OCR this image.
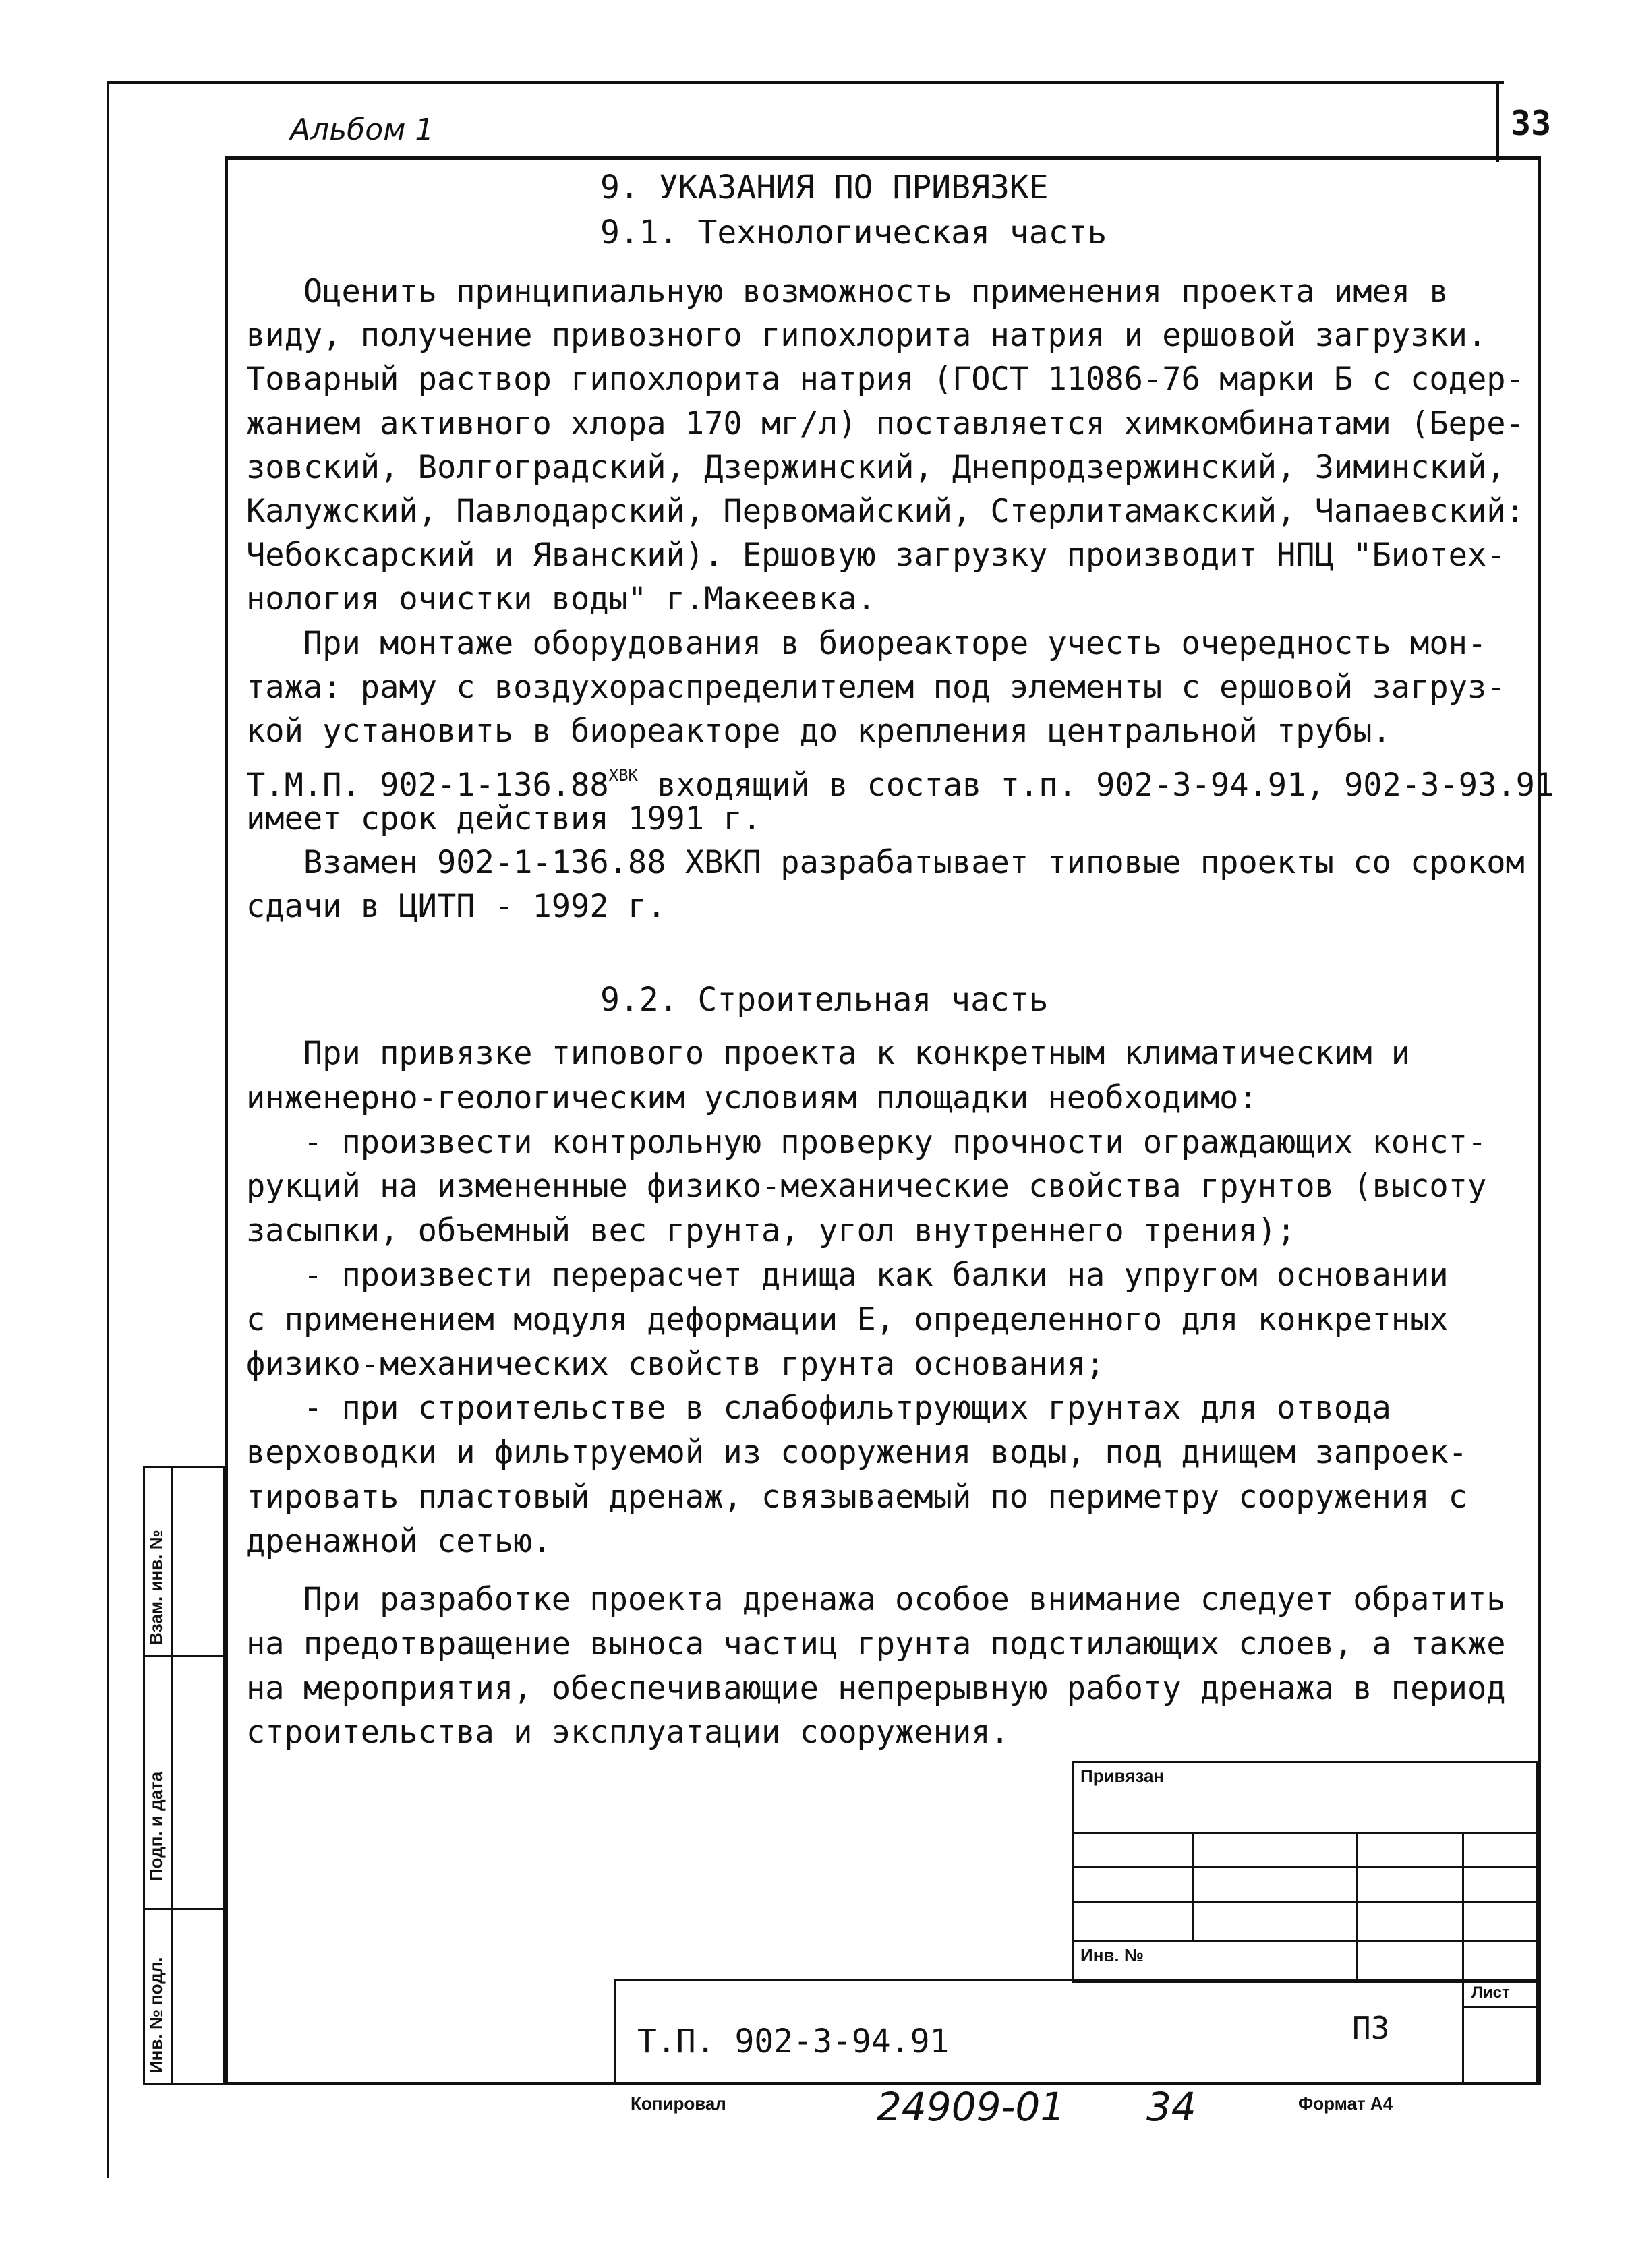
Альбом 1	33
9. УКАЗАНИЯ ПО ПРИВЯЗКЕ
9.1. Технологическая часть
Оценить принципиальную возможность применения проекта имея в
виду, получение привозного гипохлорита натрия и ершовой загрузки.
Товарный раствор гипохлорита натрия (ГОСТ 11086-76 марки Б с содер-
жанием активного хлора 170 мг/л) поставляется химкомбинатами (Бере-
зовский, Волгоградский, Дзержинский, Днепродзержинский, Зиминский,
Калужский, Павлодарский, Первомайский, Стерлитамакский, Чапаевский:
Чебоксарский и Яванский). Ершовую загрузку производит НПЦ "Биотех-
нология очистки воды" г.Макеевка.
При монтаже оборудования в биореакторе учесть очередность мон-
тажа: раму с воздухораспределителем под элементы с ершовой загруз-
кой установить в биореакторе до крепления центральной трубы.
Т.М.П. $902-1-136.88^{ХВК}$ входящий в состав т.п. 902-3-94.91, 902-3-93.91
имеет срок действия 1991 г.
Взамен 902-1-136.88 ХВКП разрабатывает типовые проекты со сроком
сдачи в ЦИТП - 1992 г.
9.2. Строительная часть
При привязке типового проекта к конкретным климатическим и
инженерно-геологическим условиям площадки необходимо:
- произвести контрольную проверку прочности ограждающих конст-
рукций на измененные физико-механические свойства грунтов (высоту
засыпки, объемный вес грунта, угол внутреннего трения);
- произвести перерасчет днища как балки на упругом основании
с применением модуля деформации Е, определенного для конкретных
физико-механических свойств грунта основания;
- при строительстве в слабофильтрующих грунтах для отвода
верховодки и фильтруемой из сооружения воды, под днищем запроек-
тировать пластовый дренаж, связываемый по периметру сооружения с
дренажной сетью.
При разработке проекта дренажа особое внимание следует обратить
на предотвращение выноса частиц грунта подстилающих слоев, а также
на мероприятия, обеспечивающие непрерывную работу дренажа в период
строительства и эксплуатации сооружения.
Взам. инв. №
Подп. и дата
Инв. № подл.
Привязан
Инв. №
Лист
Т.П. 902-3-94.91	ПЗ
Копировал	24909-01 34	Формат А4
